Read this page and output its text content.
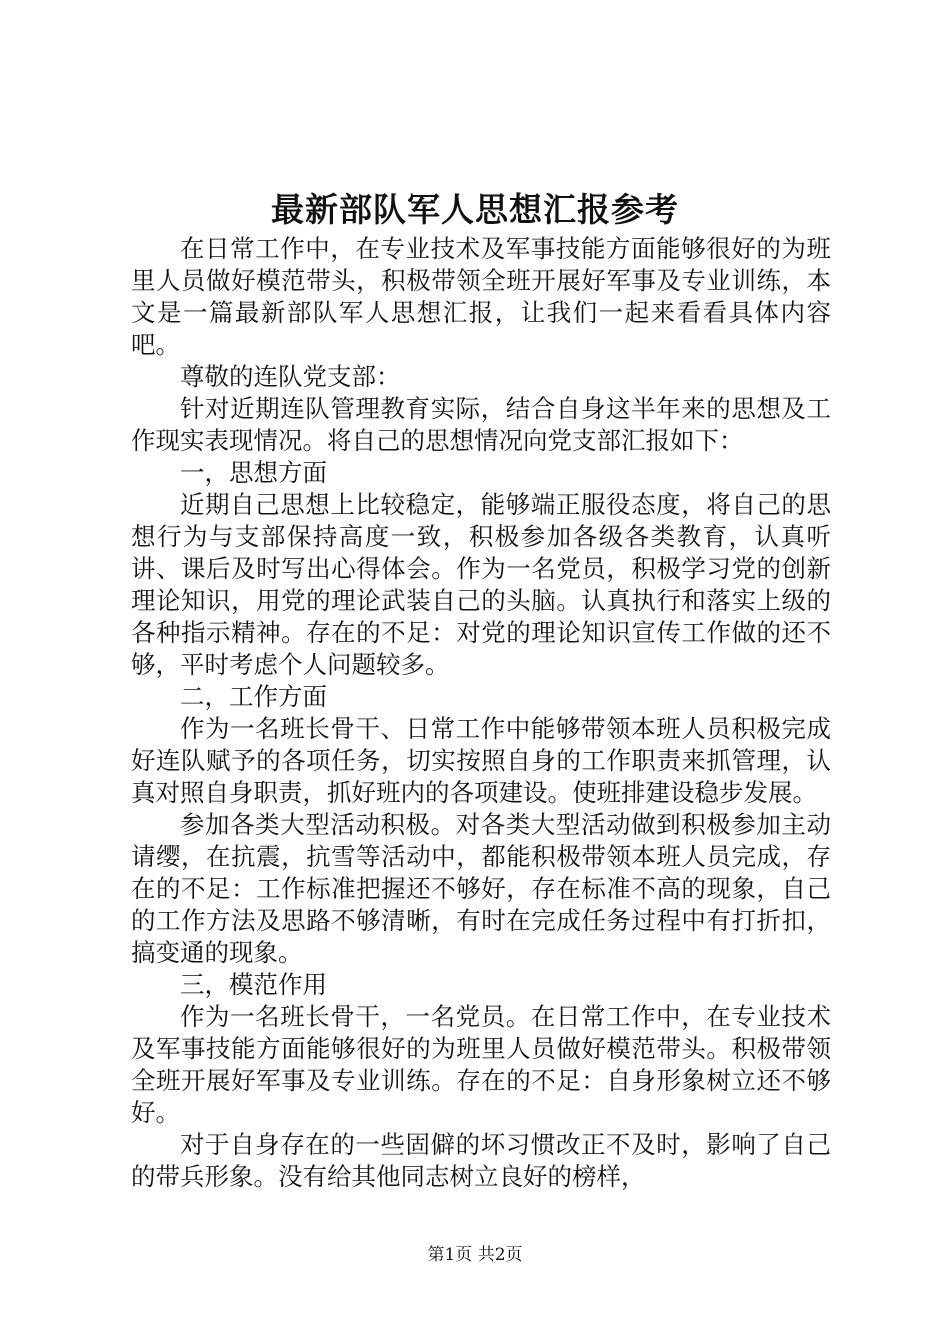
最新部队军人思想汇报参考

在日常工作中，在专业技术及军事技能方面能够很好的为班里人员做好模范带头，积极带领全班开展好军事及专业训练，本文是一篇最新部队军人思想汇报，让我们一起来看看具体内容吧。

尊敬的连队党支部：

针对近期连队管理教育实际，结合自身这半年来的思想及工作现实表现情况。将自己的思想情况向党支部汇报如下：

一，思想方面

近期自己思想上比较稳定，能够端正服役态度，将自己的思想行为与支部保持高度一致，积极参加各级各类教育，认真听讲、课后及时写出心得体会。作为一名党员，积极学习党的创新理论知识，用党的理论武装自己的头脑。认真执行和落实上级的各种指示精神。存在的不足：对党的理论知识宣传工作做的还不够，平时考虑个人问题较多。

二，工作方面

作为一名班长骨干、日常工作中能够带领本班人员积极完成好连队赋予的各项任务，切实按照自身的工作职责来抓管理，认真对照自身职责，抓好班内的各项建设。使班排建设稳步发展。

参加各类大型活动积极。对各类大型活动做到积极参加主动请缨，在抗震，抗雪等活动中，都能积极带领本班人员完成，存在的不足：工作标准把握还不够好，存在标准不高的现象，自己的工作方法及思路不够清晰，有时在完成任务过程中有打折扣，搞变通的现象。

三，模范作用

作为一名班长骨干，一名党员。在日常工作中，在专业技术及军事技能方面能够很好的为班里人员做好模范带头。积极带领全班开展好军事及专业训练。存在的不足：自身形象树立还不够好。

对于自身存在的一些固僻的坏习惯改正不及时，影响了自己的带兵形象。没有给其他同志树立良好的榜样，

第1页 共2页
